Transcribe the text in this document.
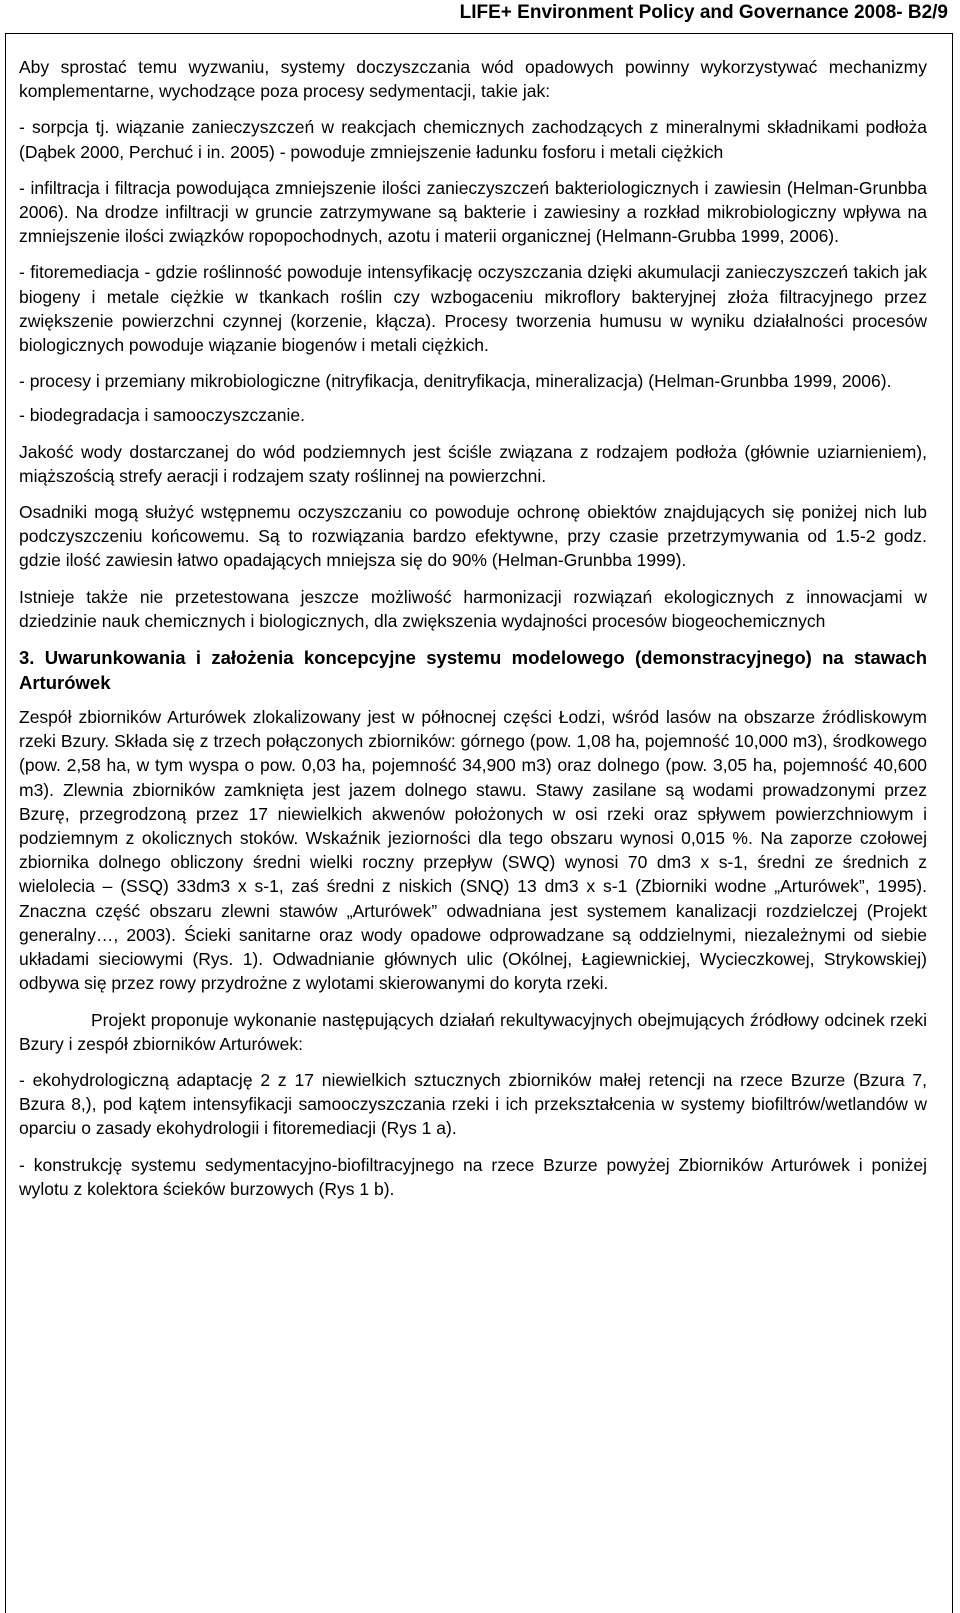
LIFE+ Environment Policy and Governance 2008- B2/9

Aby sprostać temu wyzwaniu, systemy doczyszczania wód opadowych powinny wykorzystywać mechanizmy komplementarne, wychodzące poza procesy sedymentacji, takie jak:

- sorpcja tj. wiązanie zanieczyszczeń w reakcjach chemicznych zachodzących z mineralnymi składnikami podłoża (Dąbek 2000, Perchuć i in. 2005) - powoduje zmniejszenie ładunku fosforu i metali ciężkich

- infiltracja i filtracja powodująca zmniejszenie ilości zanieczyszczeń bakteriologicznych i zawiesin (Helman-Grunbba 2006). Na drodze infiltracji w gruncie zatrzymywane są bakterie i zawiesiny a rozkład mikrobiologiczny wpływa na zmniejszenie ilości związków ropopochodnych, azotu i materii organicznej (Helmann-Grubba 1999, 2006).

- fitoremediacja - gdzie roślinność powoduje intensyfikację oczyszczania dzięki akumulacji zanieczyszczeń takich jak biogeny i metale ciężkie w tkankach roślin czy wzbogaceniu mikroflory bakteryjnej złoża filtracyjnego przez zwiększenie powierzchni czynnej (korzenie, kłącza). Procesy tworzenia humusu w wyniku działalności procesów biologicznych powoduje wiązanie biogenów i metali ciężkich.

- procesy i przemiany mikrobiologiczne (nitryfikacja, denitryfikacja, mineralizacja) (Helman-Grunbba 1999, 2006).

- biodegradacja i samooczyszczanie.

Jakość wody dostarczanej do wód podziemnych jest ściśle związana z rodzajem podłoża (głównie uziarnieniem), miąższością strefy aeracji i rodzajem szaty roślinnej na powierzchni.

Osadniki mogą służyć wstępnemu oczyszczaniu co powoduje ochronę obiektów znajdujących się poniżej nich lub podczyszczeniu końcowemu. Są to rozwiązania bardzo efektywne, przy czasie przetrzymywania od 1.5-2 godz. gdzie ilość zawiesin łatwo opadających mniejsza się do 90% (Helman-Grunbba 1999).

Istnieje także nie przetestowana jeszcze możliwość harmonizacji rozwiązań ekologicznych z innowacjami w dziedzinie nauk chemicznych i biologicznych, dla zwiększenia wydajności procesów biogeochemicznych

3. Uwarunkowania i założenia koncepcyjne systemu modelowego (demonstracyjnego) na stawach Arturówek

Zespół zbiorników Arturówek zlokalizowany jest w północnej części Łodzi, wśród lasów na obszarze źródliskowym rzeki Bzury. Składa się z trzech połączonych zbiorników: górnego (pow. 1,08 ha, pojemność 10,000 m3), środkowego (pow. 2,58 ha, w tym wyspa o pow. 0,03 ha, pojemność 34,900 m3) oraz dolnego (pow. 3,05 ha, pojemność 40,600 m3). Zlewnia zbiorników zamknięta jest jazem dolnego stawu. Stawy zasilane są wodami prowadzonymi przez Bzurę, przegrodzoną przez 17 niewielkich akwenów położonych w osi rzeki oraz spływem powierzchniowym i podziemnym z okolicznych stoków. Wskaźnik jeziorności dla tego obszaru wynosi 0,015 %. Na zaporze czołowej zbiornika dolnego obliczony średni wielki roczny przepływ (SWQ) wynosi 70 dm3 x s-1, średni ze średnich z wielolecia – (SSQ) 33dm3 x s-1, zaś średni z niskich (SNQ) 13 dm3 x s-1 (Zbiorniki wodne „Arturówek”, 1995). Znaczna część obszaru zlewni stawów „Arturówek” odwadniana jest systemem kanalizacji rozdzielczej (Projekt generalny…, 2003). Ścieki sanitarne oraz wody opadowe odprowadzane są oddzielnymi, niezależnymi od siebie układami sieciowymi (Rys. 1). Odwadnianie głównych ulic (Okólnej, Łagiewnickiej, Wycieczkowej, Strykowskiej) odbywa się przez rowy przydrożne z wylotami skierowanymi do koryta rzeki.

Projekt proponuje wykonanie następujących działań rekultywacyjnych obejmujących źródłowy odcinek rzeki Bzury i zespół zbiorników Arturówek:

- ekohydrologiczną adaptację 2 z 17 niewielkich sztucznych zbiorników małej retencji na rzece Bzurze (Bzura 7, Bzura 8,), pod kątem intensyfikacji samooczyszczania rzeki i ich przekształcenia w systemy biofiltrów/wetlandów w oparciu o zasady ekohydrologii i fitoremediacji (Rys 1 a).

- konstrukcję systemu sedymentacyjno-biofiltracyjnego na rzece Bzurze powyżej Zbiorników Arturówek i poniżej wylotu z kolektora ścieków burzowych (Rys 1 b).
